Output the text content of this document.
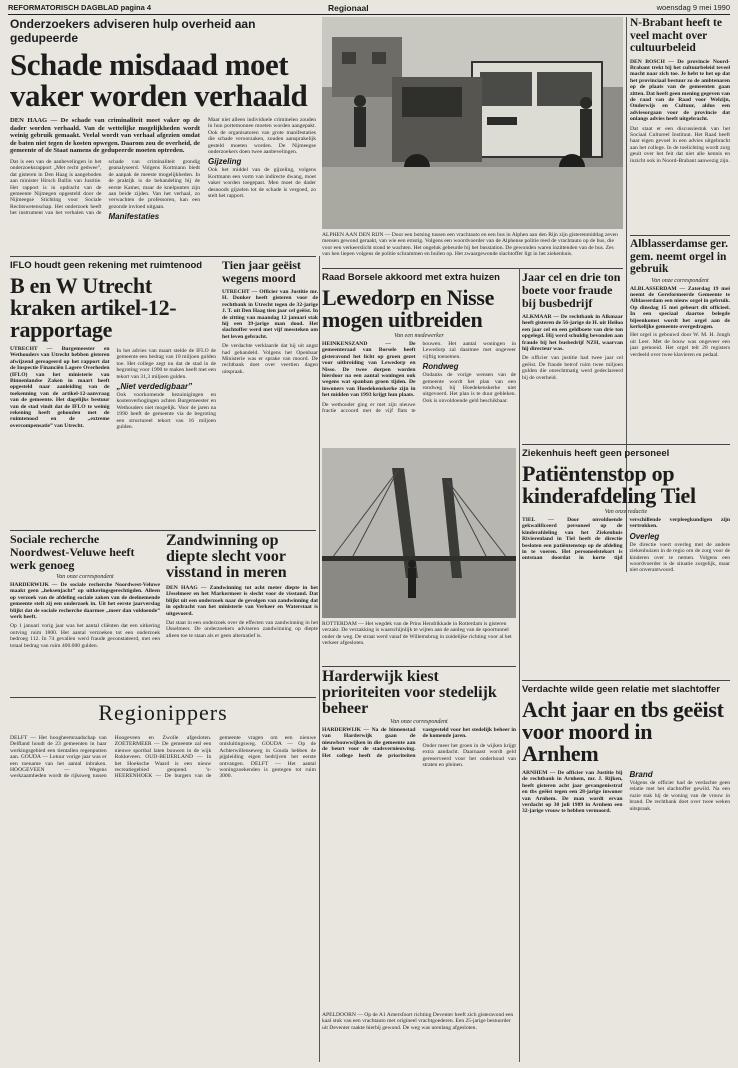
REFORMATORISCH DAGBLAD pagina 4	Regionaal	woensdag 9 mei 1990
Onderzoekers adviseren hulp overheid aan gedupeerde
Schade misdaad moet vaker worden verhaald
DEN HAAG — De schade van criminaliteit moet vaker op de dader worden verhaald. Van de wettelijke mogelijkheden wordt weinig gebruik gemaakt. Veelal wordt van verhaal afgezien omdat de baten niet tegen de kosten opwegen. Daarom zou de overheid, de gemeente of de Staat namens de gedupeerde moeten optreden.
Maar niet alleen individuele criminelen zouden in hun portemonnee moeten worden aangepakt. Ook de organisatoren van grote manifestaties die schade veroorzaken, zouden aansprakelijk gesteld moeten worden. De Nijmeegse onderzoekers doen twee aanbevelingen.
Gijzeling
Ook het middel van de gijzeling, volgens Kortmann een vorm van indirecte dwang, moet vaker worden toegepast. Men moet de dader desnoods gijzelen tot de schade is vergoed, zo stelt het rapport.
Dat is een van de aanbevelingen in het onderzoeksrapport „Met recht gedwee”, dat gisteren in Den Haag is aangeboden aan minister Hirsch Ballin van Justitie. Het rapport is in opdracht van de gemeente Nijmegen opgesteld door de Nijmeegse Stichting voor Sociale Rechtswetenschap. Het onderzoek heeft het instrument van het verhalen van de schade van criminaliteit grondig geanalyseerd. Volgens Kortmann biedt de aanpak de meeste mogelijkheden. In de praktijk is de behandeling bij de eerste Kamer, maar de knelpunten zijn aan beide zijden. Van het verhaal, zo verwachten de professoren, kan een gezonde invloed uitgaan.
Manifestaties
ALPHEN AAN DEN RIJN — Door een botsing tussen een vrachtauto en een bus in Alphen aan den Rijn zijn gisterenmiddag zeven mensen gewond geraakt, van wie een ernstig. Volgens een woordvoerder van de Alphense politie reed de vrachtauto op de bus, die voor een verkeerslicht stond te wachten. Het ongeluk gebeurde bij het busstation. De gewonden waren inzittenden van de bus. Zes van hen liepen volgens de politie schrammen en builen op. Het zwaargewonde slachtoffer ligt in het ziekenhuis.
N-Brabant heeft te veel macht over cultuurbeleid
DEN BOSCH — De provincie Noord-Brabant trekt bij het cultuurbeleid teveel macht naar zich toe. Je hebt te het op dat het provinciaal bestuur zo de ambtenaren op de plaats van de gemeenten gaan zitten. Dat heeft geen mening gegeven van de raad van de Raad voor Welzijn, Onderwijs en Cultuur, aldus een adviesorgaan voor de provincie dat onlangs advies heeft uitgebracht.
Dat staat er een discussiestuk van het Sociaal Cultureel Instituut. Het Raad heeft haar eigen gevoel in een advies uitgebracht aan het college. In de toelichting wordt zorg geuit over het feit dat niet alle kennis en inzicht ook in Noord-Brabant aanwezig zijn.
Alblasserdamse ger. gem. neemt orgel in gebruik
Van onze correspondent
ALBLASSERDAM — Zaterdag 19 mei neemt de Gereformeerde Gemeente te Alblasserdam een nieuw orgel in gebruik. Op dinsdag 15 mei gebeurt dit officieel. In een speciaal daartoe belegde bijeenkomst wordt het orgel aan de kerkelijke gemeente overgedragen.
Het orgel is gebouwd door W. M. H. Jongh uit Leer. Met de bouw was ongeveer een jaar gemoeid. Het orgel telt 28 registers verdeeld over twee klavieren en pedaal.
IFLO houdt geen rekening met ruimtenood
B en W Utrecht kraken artikel-12-rapportage
UTRECHT — Burgemeester en Wethouders van Utrecht hebben gisteren afwijzend gereageerd op het rapport dat de Inspectie Financiën Lagere Overheden (IFLO) van het ministerie van Binnenlandse Zaken in maart heeft opgesteld naar aanleiding van de toekenning van de artikel-12-aanvraag van de gemeente. Het dagelijks bestuur van de stad vindt dat de IFLO te weinig rekening heeft gehouden met de ruimtenood en de „extreme overcompensatie” van Utrecht.
In het advies van maart stelde de IFLO de gemeente een bedrag van 10 miljoen gulden toe. Het college zegt nu dat de stad in de begroting voor 1990 te maken heeft met een tekort van 31,3 miljoen gulden.
„Niet verdedigbaar”
Ook voorkomende bezuinigingen en kostenverhogingen achten Burgemeester en Wethouders niet mogelijk. Voor de jaren na 1990 heeft de gemeente via de begroting een structureel tekort van 16 miljoen gulden.
Tien jaar geëist wegens moord
UTRECHT — Officier van Justitie mr. H. Donker heeft gisteren voor de rechtbank in Utrecht tegen de 32-jarige J. T. uit Den Haag tien jaar cel geëist. In de zitting van maandag 12 januari stak hij een 39-jarige man dood. Het slachtoffer werd met vijf messteken om het leven gebracht.
De verdachte verklaarde dat hij uit angst had gehandeld. Volgens het Openbaar Ministerie was er sprake van moord. De rechtbank doet over veertien dagen uitspraak.
Raad Borsele akkoord met extra huizen
Lewedorp en Nisse mogen uitbreiden
Van een medewerker
HEINKENSZAND — De gemeenteraad van Borsele heeft gisteravond het licht op groen gezet voor uitbreiding van Lewedorp en Nisse. De twee dorpen worden hierdoor na een aantal woningen ook wegens wat spanban groen tijden. De inwoners van Hoedekenskerke zijn in het midden van 1993 krijgt hun plaats.
De wethouder ging er met zijn nieuwe fractie accoord met de vijf flats te bouwen. Het aantal woningen in Lewedorp zal daarmee met ongeveer vijftig toenemen.
Rondweg
Ondanks de vorige wensen van de gemeente wordt het plan van een rondweg bij Hoedekenskerke niet uitgevoerd. Het plan is te duur gebleken. Ook is onvoldoende geld beschikbaar.
Jaar cel en drie ton boete voor fraude bij busbedrijf
ALKMAAR — De rechtbank in Alkmaar heeft gisteren de 56-jarige de H. uit Heiloo een jaar cel en een geldboete van drie ton opgelegd. Hij werd schuldig bevonden aan fraude bij het busbedrijf NZH, waarvan hij directeur was.
De officier van justitie had twee jaar cel geëist. De fraude betrof ruim twee miljoen gulden die onrechtmatig werd gedeclareerd bij de overheid.
Ziekenhuis heeft geen personeel
Patiëntenstop op kinderafdeling Tiel
Van onze redactie
TIEL — Door onvoldoende gekwalificeerd personeel op de kinderafdeling van het Ziekenhuis Rivierenland in Tiel heeft de directie besloten een patiëntenstop op de afdeling in te voeren. Het personeelstekort is ontstaan doordat in korte tijd verschillende verpleegkundigen zijn vertrokken.
Overleg
De directie voert overleg met de andere ziekenhuizen in de regio om de zorg voor de kinderen over te nemen. Volgens een woordvoerder is de situatie zorgelijk, maar niet onverantwoord.
ROTTERDAM — Het wegdek van de Prins Hendrikkade in Rotterdam is gisteren verzakt. De verzakking is waarschijnlijk te wijten aan de aanleg van de spoortunnel onder de weg. De straat werd vanaf de Willemsbrug in zuidelijke richting voor al het verkeer afgesloten.
Sociale recherche Noordwest-Veluwe heeft werk genoeg
Van onze correspondent
HARDERWIJK — De sociale recherche Noordwest-Veluwe maakt geen „heksenjacht” op uitkeringsgerechtigden. Alleen op verzoek van de afdeling sociale zaken van de deelnemende gemeente stelt zij een onderzoek in. Uit het eerste jaarverslag blijkt dat de sociale recherche daarmee „meer dan voldoende” werk heeft.
Op 1 januari vorig jaar was het aantal cliënten dat een uitkering ontving ruim 1800. Het aantal verzoeken tot een onderzoek bedroeg 112. In 74 gevallen werd fraude geconstateerd, met een totaal bedrag van ruim 400.000 gulden.
Zandwinning op diepte slecht voor visstand in meren
DEN HAAG — Zandwinning tot acht meter diepte in het IJsselmeer en het Markermeer is slecht voor de visstand. Dat blijkt uit een onderzoek naar de gevolgen van zandwinning dat in opdracht van het ministerie van Verkeer en Waterstaat is uitgevoerd.
Dat staat in een onderzoek over de effecten van zandwinning in het IJsselmeer. De onderzoekers adviseren zandwinning op diepte alleen toe te staan als er geen alternatief is.
Regionippers
DELFT — Het hoogheemraadschap van Delfland houdt de 23 gemeenten in haar werkingsgebied een tientallen regenputten aan. GOUDA — Lotuur vorige jaar was er een toename van het aantal inbraken. HOOGEVEEN — Wegens werkzaamheden wordt de rijksweg tussen Hoogeveen en Zwolle afgesloten. ZOETERMEER — De gemeente zal een nieuwe sporthal laten bouwen in de wijk Rokkeveen. OUD-BEIJERLAND — In het Hoeksche Waard is een nieuw recreatiegebied geopend. ’s-HEERENHOEK — De burgers van de gemeente vragen om een nieuwe ontsluitingsweg. GOUDA — Op de Achterwillenseweg in Gouda hebben de pijpleiding eigen bedrijven het eerste ontvangen. DELFT — Het aantal woningzoekenden is gestegen tot ruim 3000.
Harderwijk kiest prioriteiten voor stedelijk beheer
Van onze correspondent
HARDERWIJK — Na de binnenstad van Harderwijk gaan de nieuwbouwwijken in die gemeente aan de beurt voor de stadsvernieuwing. Het college heeft de prioriteiten vastgesteld voor het stedelijk beheer in de komende jaren.
Onder meer het groen in de wijken krijgt extra aandacht. Daarnaast wordt geld gereserveerd voor het onderhoud van straten en pleinen.
APELDOORN — Op de A1 Amersfoort richting Deventer heeft zich gisteravond een kaal stuk van een vrachtauto met origineel vrachtgoederen. Een 25-jarige bestuurder uit Deventer raakte hierbij gewond. De weg was urenlang afgesloten.
Verdachte wilde geen relatie met slachtoffer
Acht jaar en tbs geëist voor moord in Arnhem
ARNHEM — De officier van Justitie bij de rechtbank in Arnhem, mr. J. Rijken, heeft gisteren acht jaar gevangenisstraf en tbs geëist tegen een 28-jarige inwoner van Arnhem. De man wordt ervan verdacht op 30 juli 1989 in Arnhem een 32-jarige vrouw te hebben vermoord.
Brand
Volgens de officier had de verdachte geen relatie met het slachtoffer gewild. Na een ruzie stak hij de woning van de vrouw in brand. De rechtbank doet over twee weken uitspraak.
